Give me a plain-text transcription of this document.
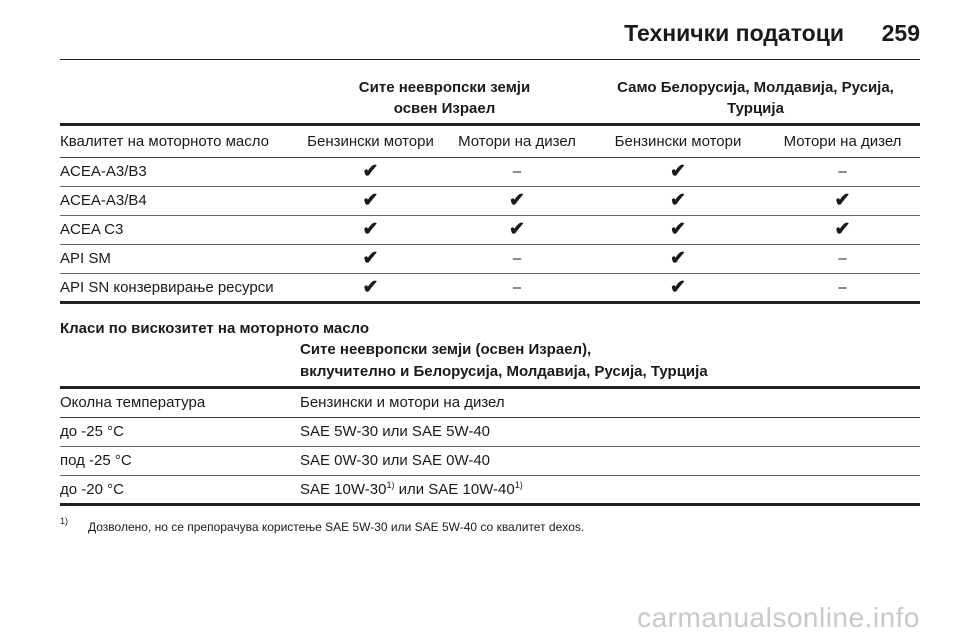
Технички податоци 259
	Сите неевропски земји
освен Израел		Само Белорусија, Молдавија, Русија, Турција	
Квалитет на моторното масло	Бензински мотори	Мотори на дизел	Бензински мотори	Мотори на дизел
ACEA-A3/B3	✔	–	✔	–
ACEA-A3/B4	✔	✔	✔	✔
ACEA C3	✔	✔	✔	✔
API SM	✔	–	✔	–
API SN конзервирање ресурси	✔	–	✔	–
Класи по вискозитет на моторното масло
	Сите неевропски земји (освен Израел),
вклучително и Белорусија, Молдавија, Русија, Турција
Околна температура	Бензински и мотори на дизел
до -25 °C	SAE 5W-30 или SAE 5W-40
под -25 °C	SAE 0W-30 или SAE 0W-40
до -20 °C	SAE 10W-30$^{1)}$ или SAE 10W-40$^{1)}$
1) Дозволено, но се препорачува користење SAE 5W-30 или SAE 5W-40 со квалитет dexos.
carmanualsonline.info
